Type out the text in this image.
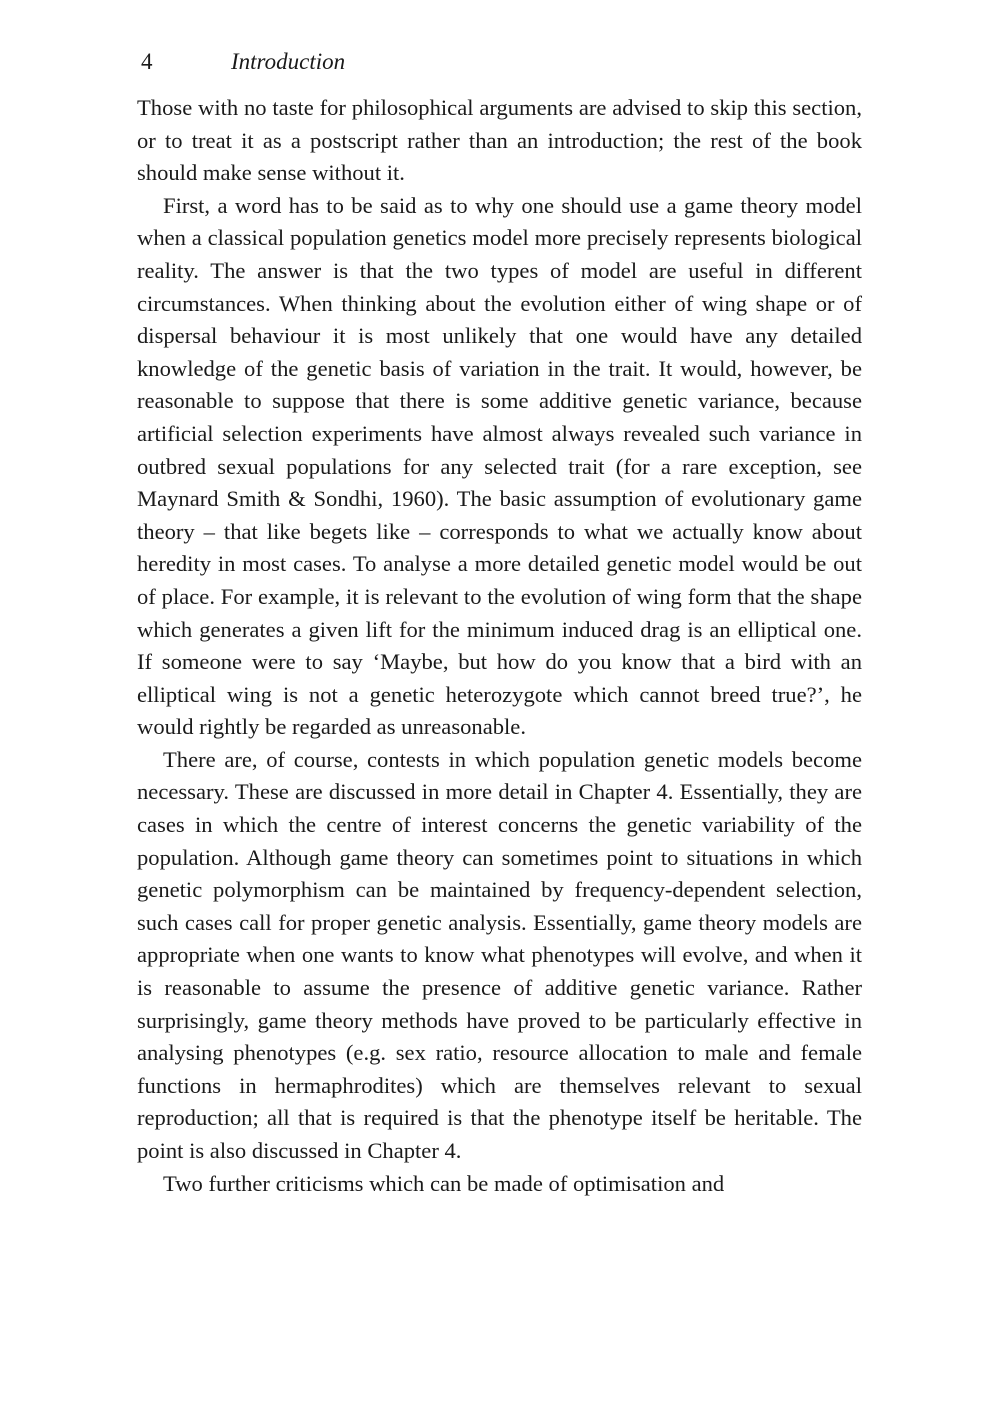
4	Introduction

Those with no taste for philosophical arguments are advised to skip this section, or to treat it as a postscript rather than an introduction; the rest of the book should make sense without it.

First, a word has to be said as to why one should use a game theory model when a classical population genetics model more precisely represents biological reality. The answer is that the two types of model are useful in different circumstances. When thinking about the evolution either of wing shape or of dispersal behaviour it is most unlikely that one would have any detailed knowledge of the genetic basis of variation in the trait. It would, however, be reasonable to suppose that there is some additive genetic variance, because artificial selection experiments have almost always revealed such variance in outbred sexual populations for any selected trait (for a rare exception, see Maynard Smith & Sondhi, 1960). The basic assumption of evolutionary game theory – that like begets like – corresponds to what we actually know about heredity in most cases. To analyse a more detailed genetic model would be out of place. For example, it is relevant to the evolution of wing form that the shape which generates a given lift for the minimum induced drag is an elliptical one. If someone were to say ‘Maybe, but how do you know that a bird with an elliptical wing is not a genetic heterozygote which cannot breed true?’, he would rightly be regarded as unreasonable.

There are, of course, contests in which population genetic models become necessary. These are discussed in more detail in Chapter 4. Essentially, they are cases in which the centre of interest concerns the genetic variability of the population. Although game theory can sometimes point to situations in which genetic polymorphism can be maintained by frequency-dependent selection, such cases call for proper genetic analysis. Essentially, game theory models are appropriate when one wants to know what phenotypes will evolve, and when it is reasonable to assume the presence of additive genetic variance. Rather surprisingly, game theory methods have proved to be particularly effective in analysing phenotypes (e.g. sex ratio, resource allocation to male and female functions in hermaphrodites) which are themselves relevant to sexual reproduction; all that is required is that the phenotype itself be heritable. The point is also discussed in Chapter 4.

Two further criticisms which can be made of optimisation and
